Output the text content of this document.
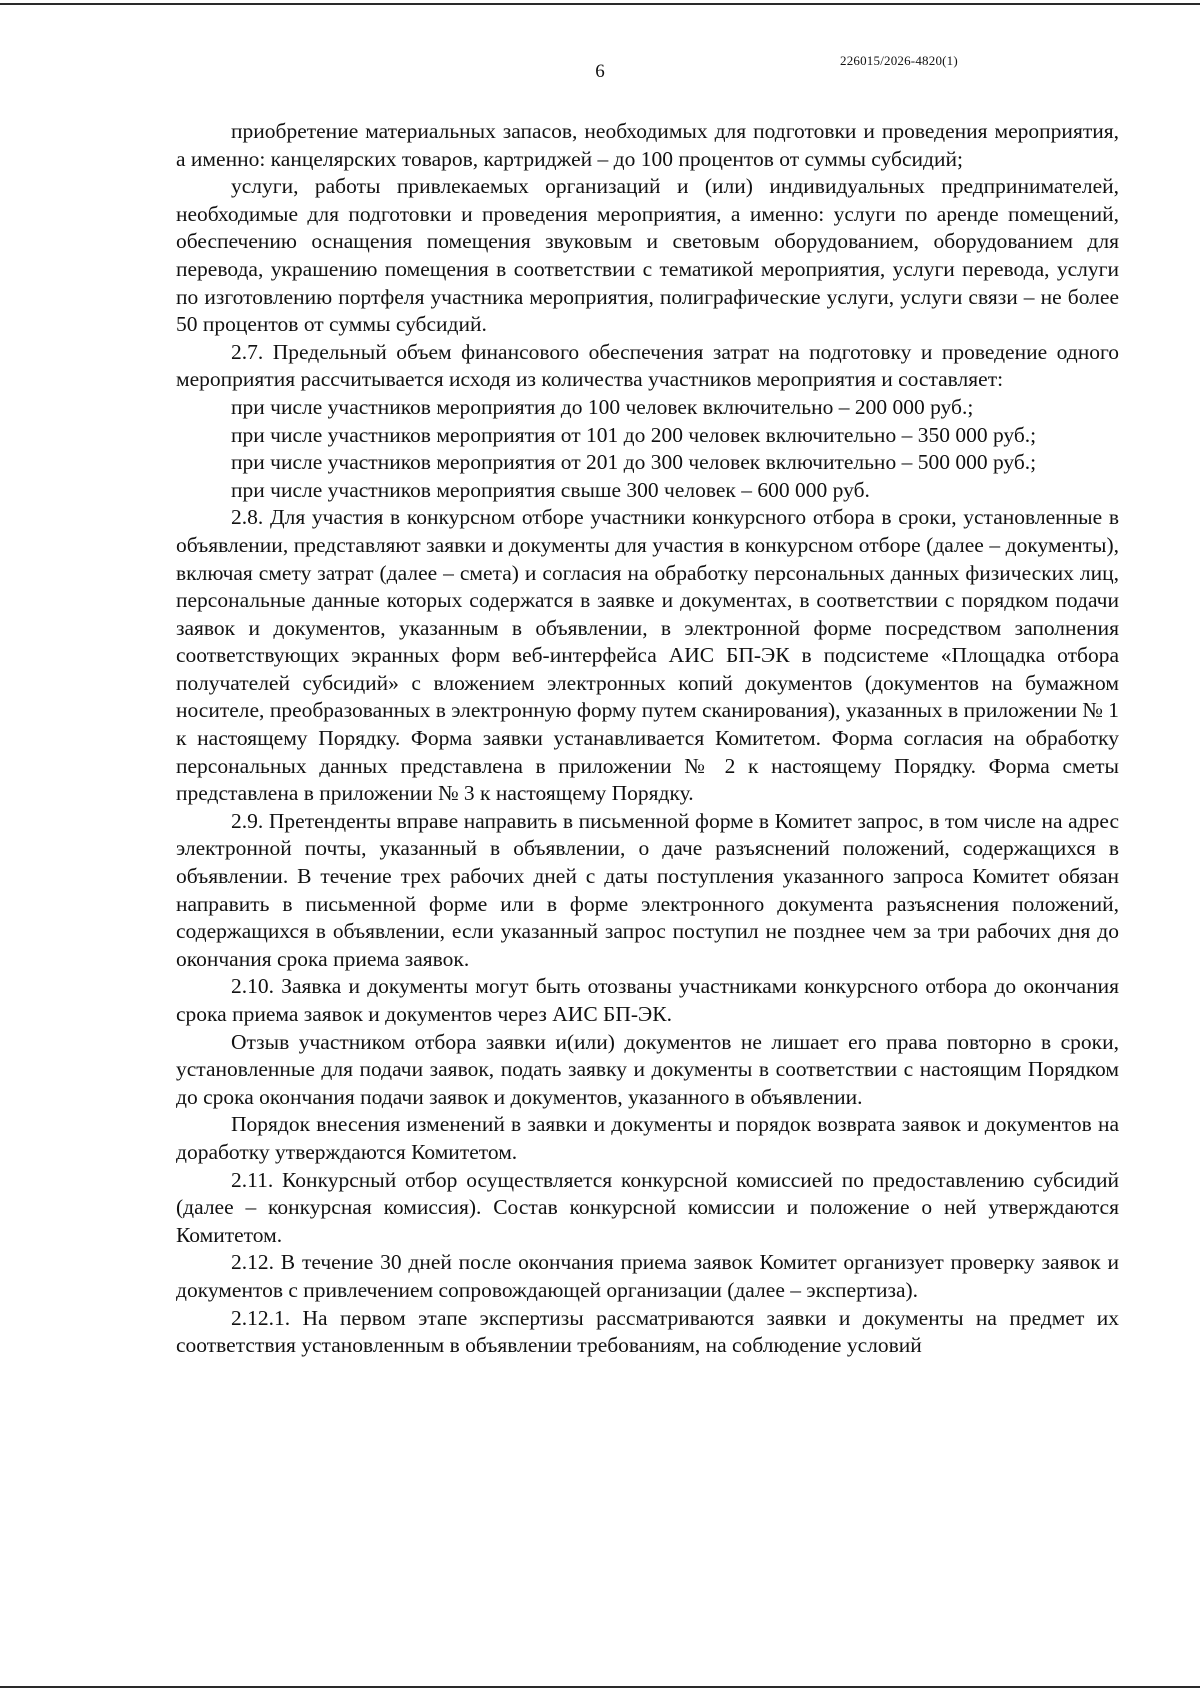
6
226015/2026-4820(1)

приобретение материальных запасов, необходимых для подготовки и проведения мероприятия, а именно: канцелярских товаров, картриджей – до 100 процентов от суммы субсидий;

услуги, работы привлекаемых организаций и (или) индивидуальных предпринимателей, необходимые для подготовки и проведения мероприятия, а именно: услуги по аренде помещений, обеспечению оснащения помещения звуковым и световым оборудованием, оборудованием для перевода, украшению помещения в соответствии с тематикой мероприятия, услуги перевода, услуги по изготовлению портфеля участника мероприятия, полиграфические услуги, услуги связи – не более 50 процентов от суммы субсидий.

2.7. Предельный объем финансового обеспечения затрат на подготовку и проведение одного мероприятия рассчитывается исходя из количества участников мероприятия и составляет:

при числе участников мероприятия до 100 человек включительно – 200 000 руб.;

при числе участников мероприятия от 101 до 200 человек включительно – 350 000 руб.;

при числе участников мероприятия от 201 до 300 человек включительно – 500 000 руб.;

при числе участников мероприятия свыше 300 человек – 600 000 руб.

2.8. Для участия в конкурсном отборе участники конкурсного отбора в сроки, установленные в объявлении, представляют заявки и документы для участия в конкурсном отборе (далее – документы), включая смету затрат (далее – смета) и согласия на обработку персональных данных физических лиц, персональные данные которых содержатся в заявке и документах, в соответствии с порядком подачи заявок и документов, указанным в объявлении, в электронной форме посредством заполнения соответствующих экранных форм веб-интерфейса АИС БП-ЭК в подсистеме «Площадка отбора получателей субсидий» с вложением электронных копий документов (документов на бумажном носителе, преобразованных в электронную форму путем сканирования), указанных в приложении № 1 к настоящему Порядку. Форма заявки устанавливается Комитетом. Форма согласия на обработку персональных данных представлена в приложении № 2 к настоящему Порядку. Форма сметы представлена в приложении № 3 к настоящему Порядку.

2.9. Претенденты вправе направить в письменной форме в Комитет запрос, в том числе на адрес электронной почты, указанный в объявлении, о даче разъяснений положений, содержащихся в объявлении. В течение трех рабочих дней с даты поступления указанного запроса Комитет обязан направить в письменной форме или в форме электронного документа разъяснения положений, содержащихся в объявлении, если указанный запрос поступил не позднее чем за три рабочих дня до окончания срока приема заявок.

2.10. Заявка и документы могут быть отозваны участниками конкурсного отбора до окончания срока приема заявок и документов через АИС БП-ЭК.

Отзыв участником отбора заявки и(или) документов не лишает его права повторно в сроки, установленные для подачи заявок, подать заявку и документы в соответствии с настоящим Порядком до срока окончания подачи заявок и документов, указанного в объявлении.

Порядок внесения изменений в заявки и документы и порядок возврата заявок и документов на доработку утверждаются Комитетом.

2.11. Конкурсный отбор осуществляется конкурсной комиссией по предоставлению субсидий (далее – конкурсная комиссия). Состав конкурсной комиссии и положение о ней утверждаются Комитетом.

2.12. В течение 30 дней после окончания приема заявок Комитет организует проверку заявок и документов с привлечением сопровождающей организации (далее – экспертиза).

2.12.1. На первом этапе экспертизы рассматриваются заявки и документы на предмет их соответствия установленным в объявлении требованиям, на соблюдение условий
